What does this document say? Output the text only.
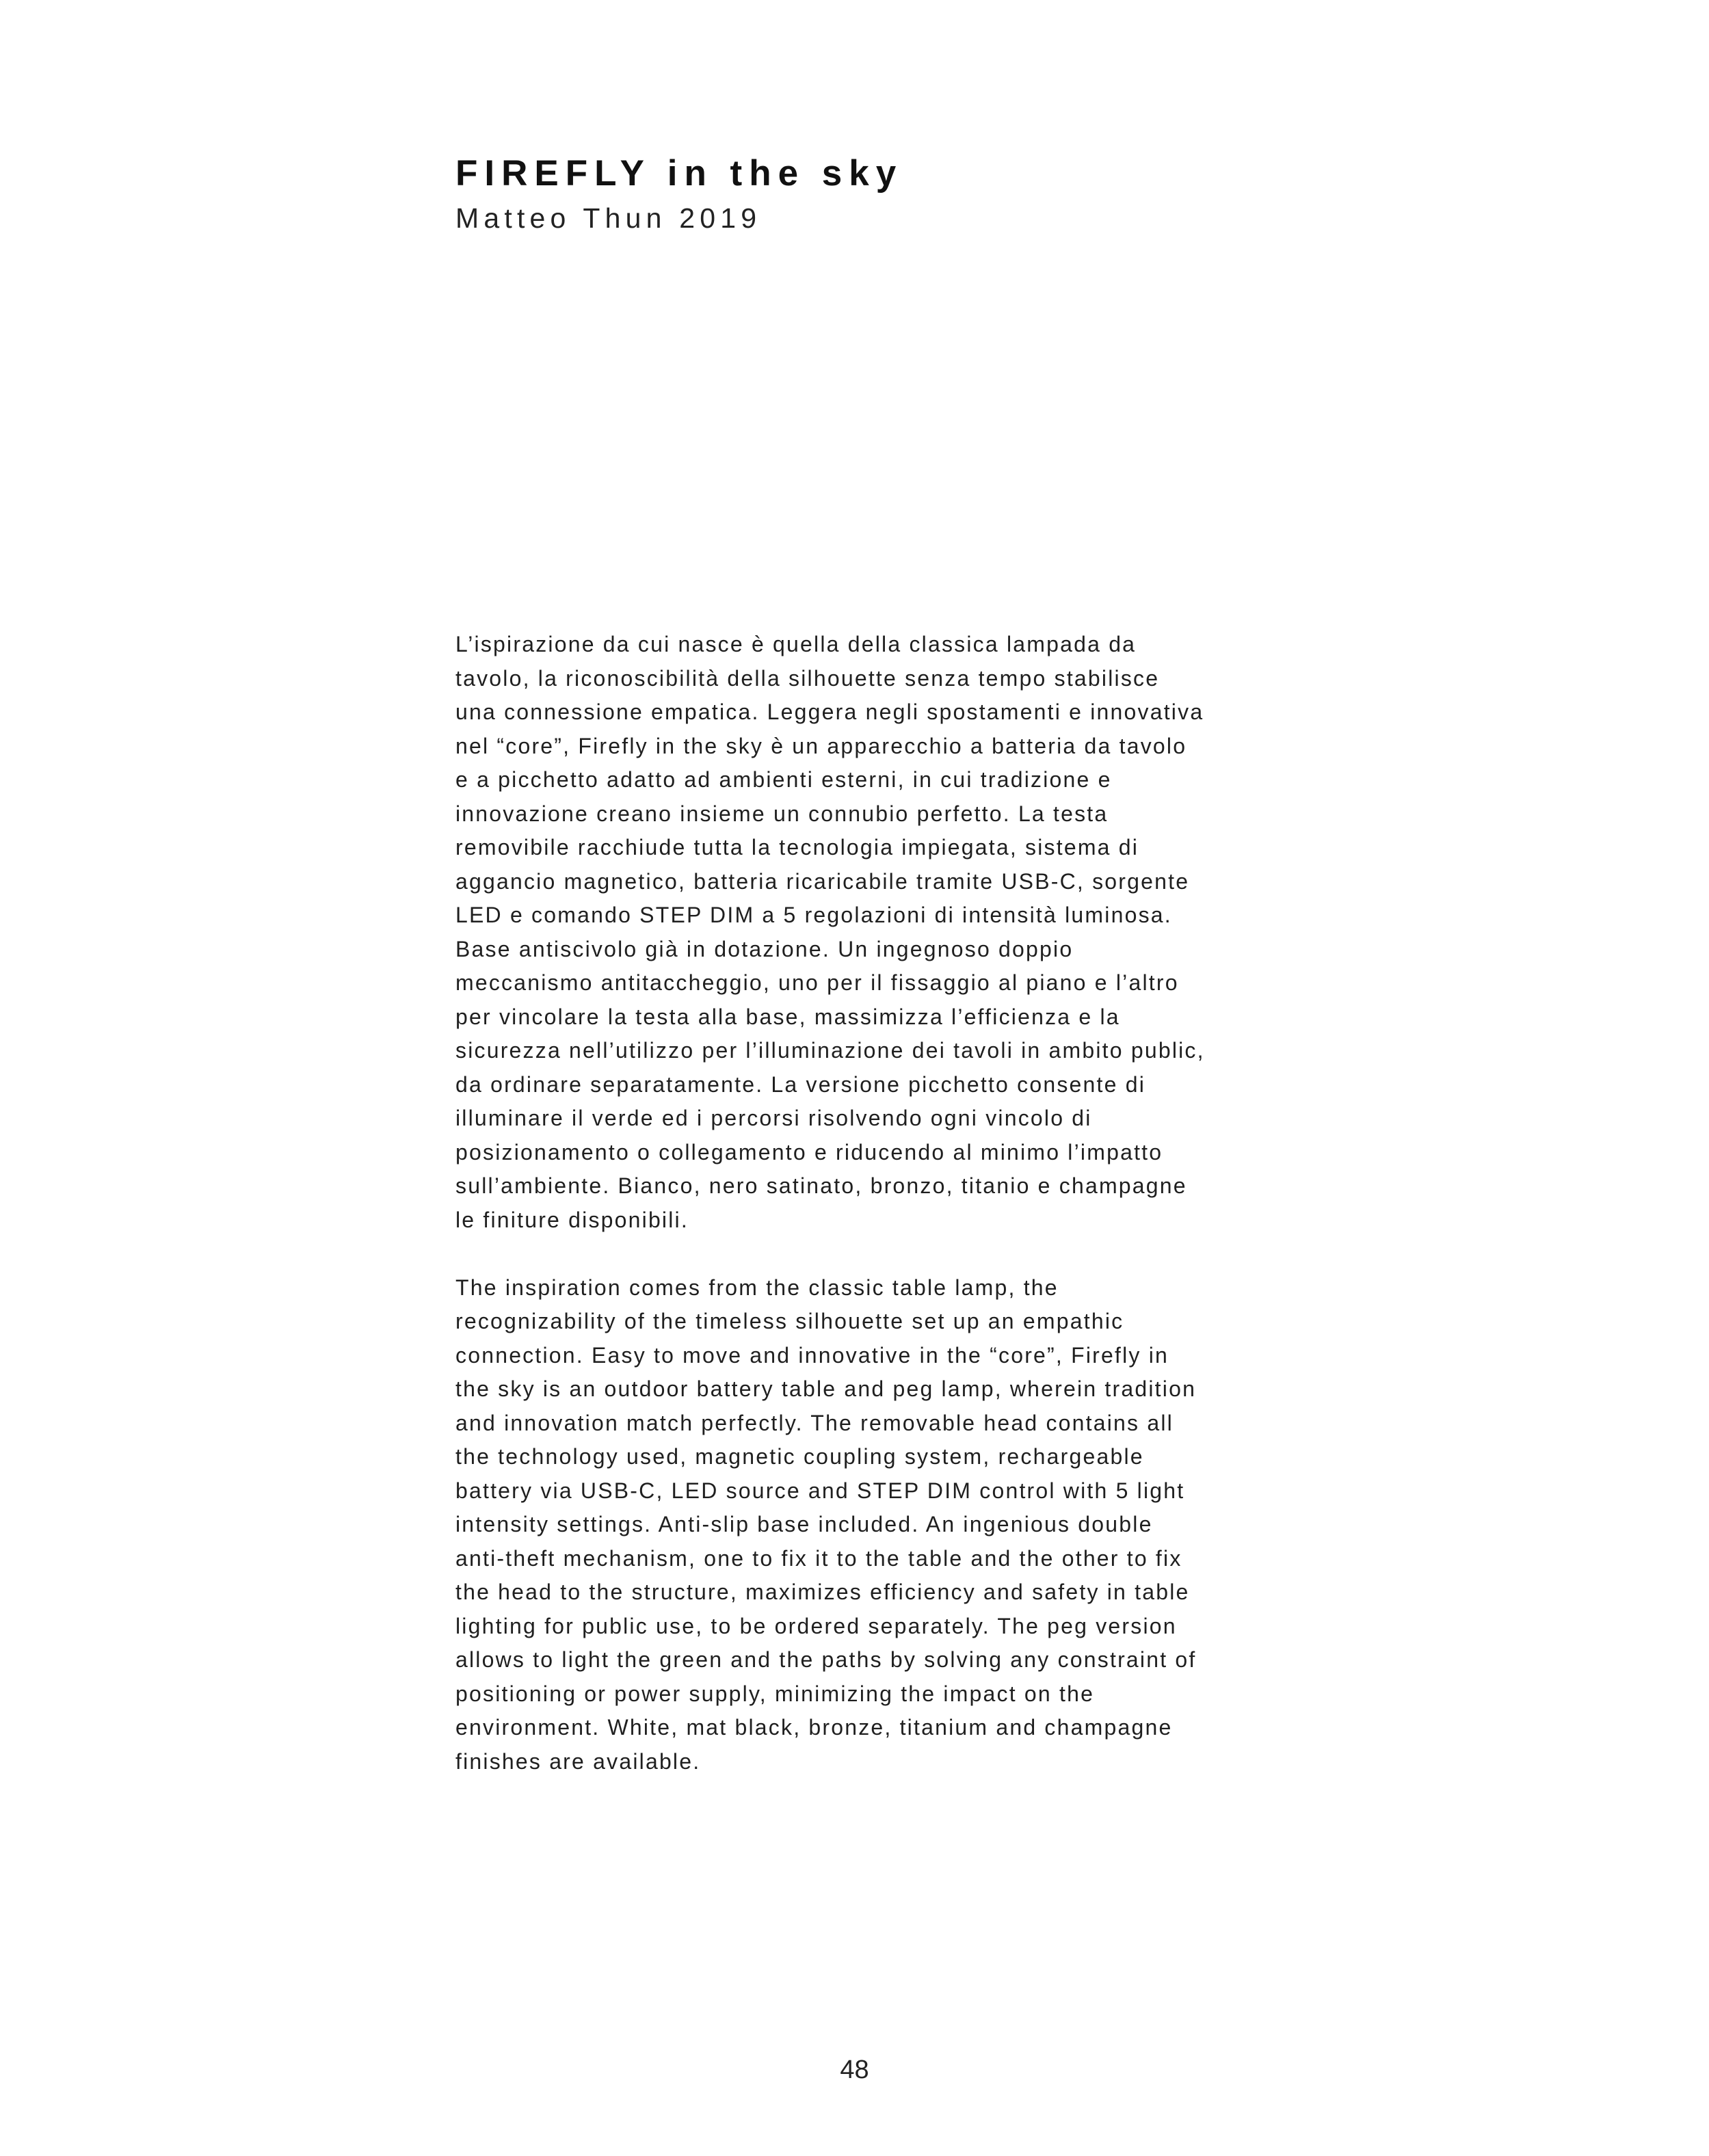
FIREFLY in the sky

Matteo Thun 2019

L’ispirazione da cui nasce è quella della classica lampada da
tavolo, la riconoscibilità della silhouette senza tempo stabilisce
una connessione empatica. Leggera negli spostamenti e innovativa
nel “core”, Firefly in the sky è un apparecchio a batteria da tavolo
e a picchetto adatto ad ambienti esterni, in cui tradizione e
innovazione creano insieme un connubio perfetto. La testa
removibile racchiude tutta la tecnologia impiegata, sistema di
aggancio magnetico, batteria ricaricabile tramite USB-C, sorgente
LED e comando STEP DIM a 5 regolazioni di intensità luminosa.
Base antiscivolo già in dotazione. Un ingegnoso doppio
meccanismo antitaccheggio, uno per il fissaggio al piano e l’altro
per vincolare la testa alla base, massimizza l’efficienza e la
sicurezza nell’utilizzo per l’illuminazione dei tavoli in ambito public,
da ordinare separatamente. La versione picchetto consente di
illuminare il verde ed i percorsi risolvendo ogni vincolo di
posizionamento o collegamento e riducendo al minimo l’impatto
sull’ambiente. Bianco, nero satinato, bronzo, titanio e champagne
le finiture disponibili.

The inspiration comes from the classic table lamp, the
recognizability of the timeless silhouette set up an empathic
connection. Easy to move and innovative in the “core”, Firefly in
the sky is an outdoor battery table and peg lamp, wherein tradition
and innovation match perfectly. The removable head contains all
the technology used, magnetic coupling system, rechargeable
battery via USB-C, LED source and STEP DIM control with 5 light
intensity settings. Anti-slip base included. An ingenious double
anti-theft mechanism, one to fix it to the table and the other to fix
the head to the structure, maximizes efficiency and safety in table
lighting for public use, to be ordered separately. The peg version
allows to light the green and the paths by solving any constraint of
positioning or power supply, minimizing the impact on the
environment. White, mat black, bronze, titanium and champagne
finishes are available.

48
